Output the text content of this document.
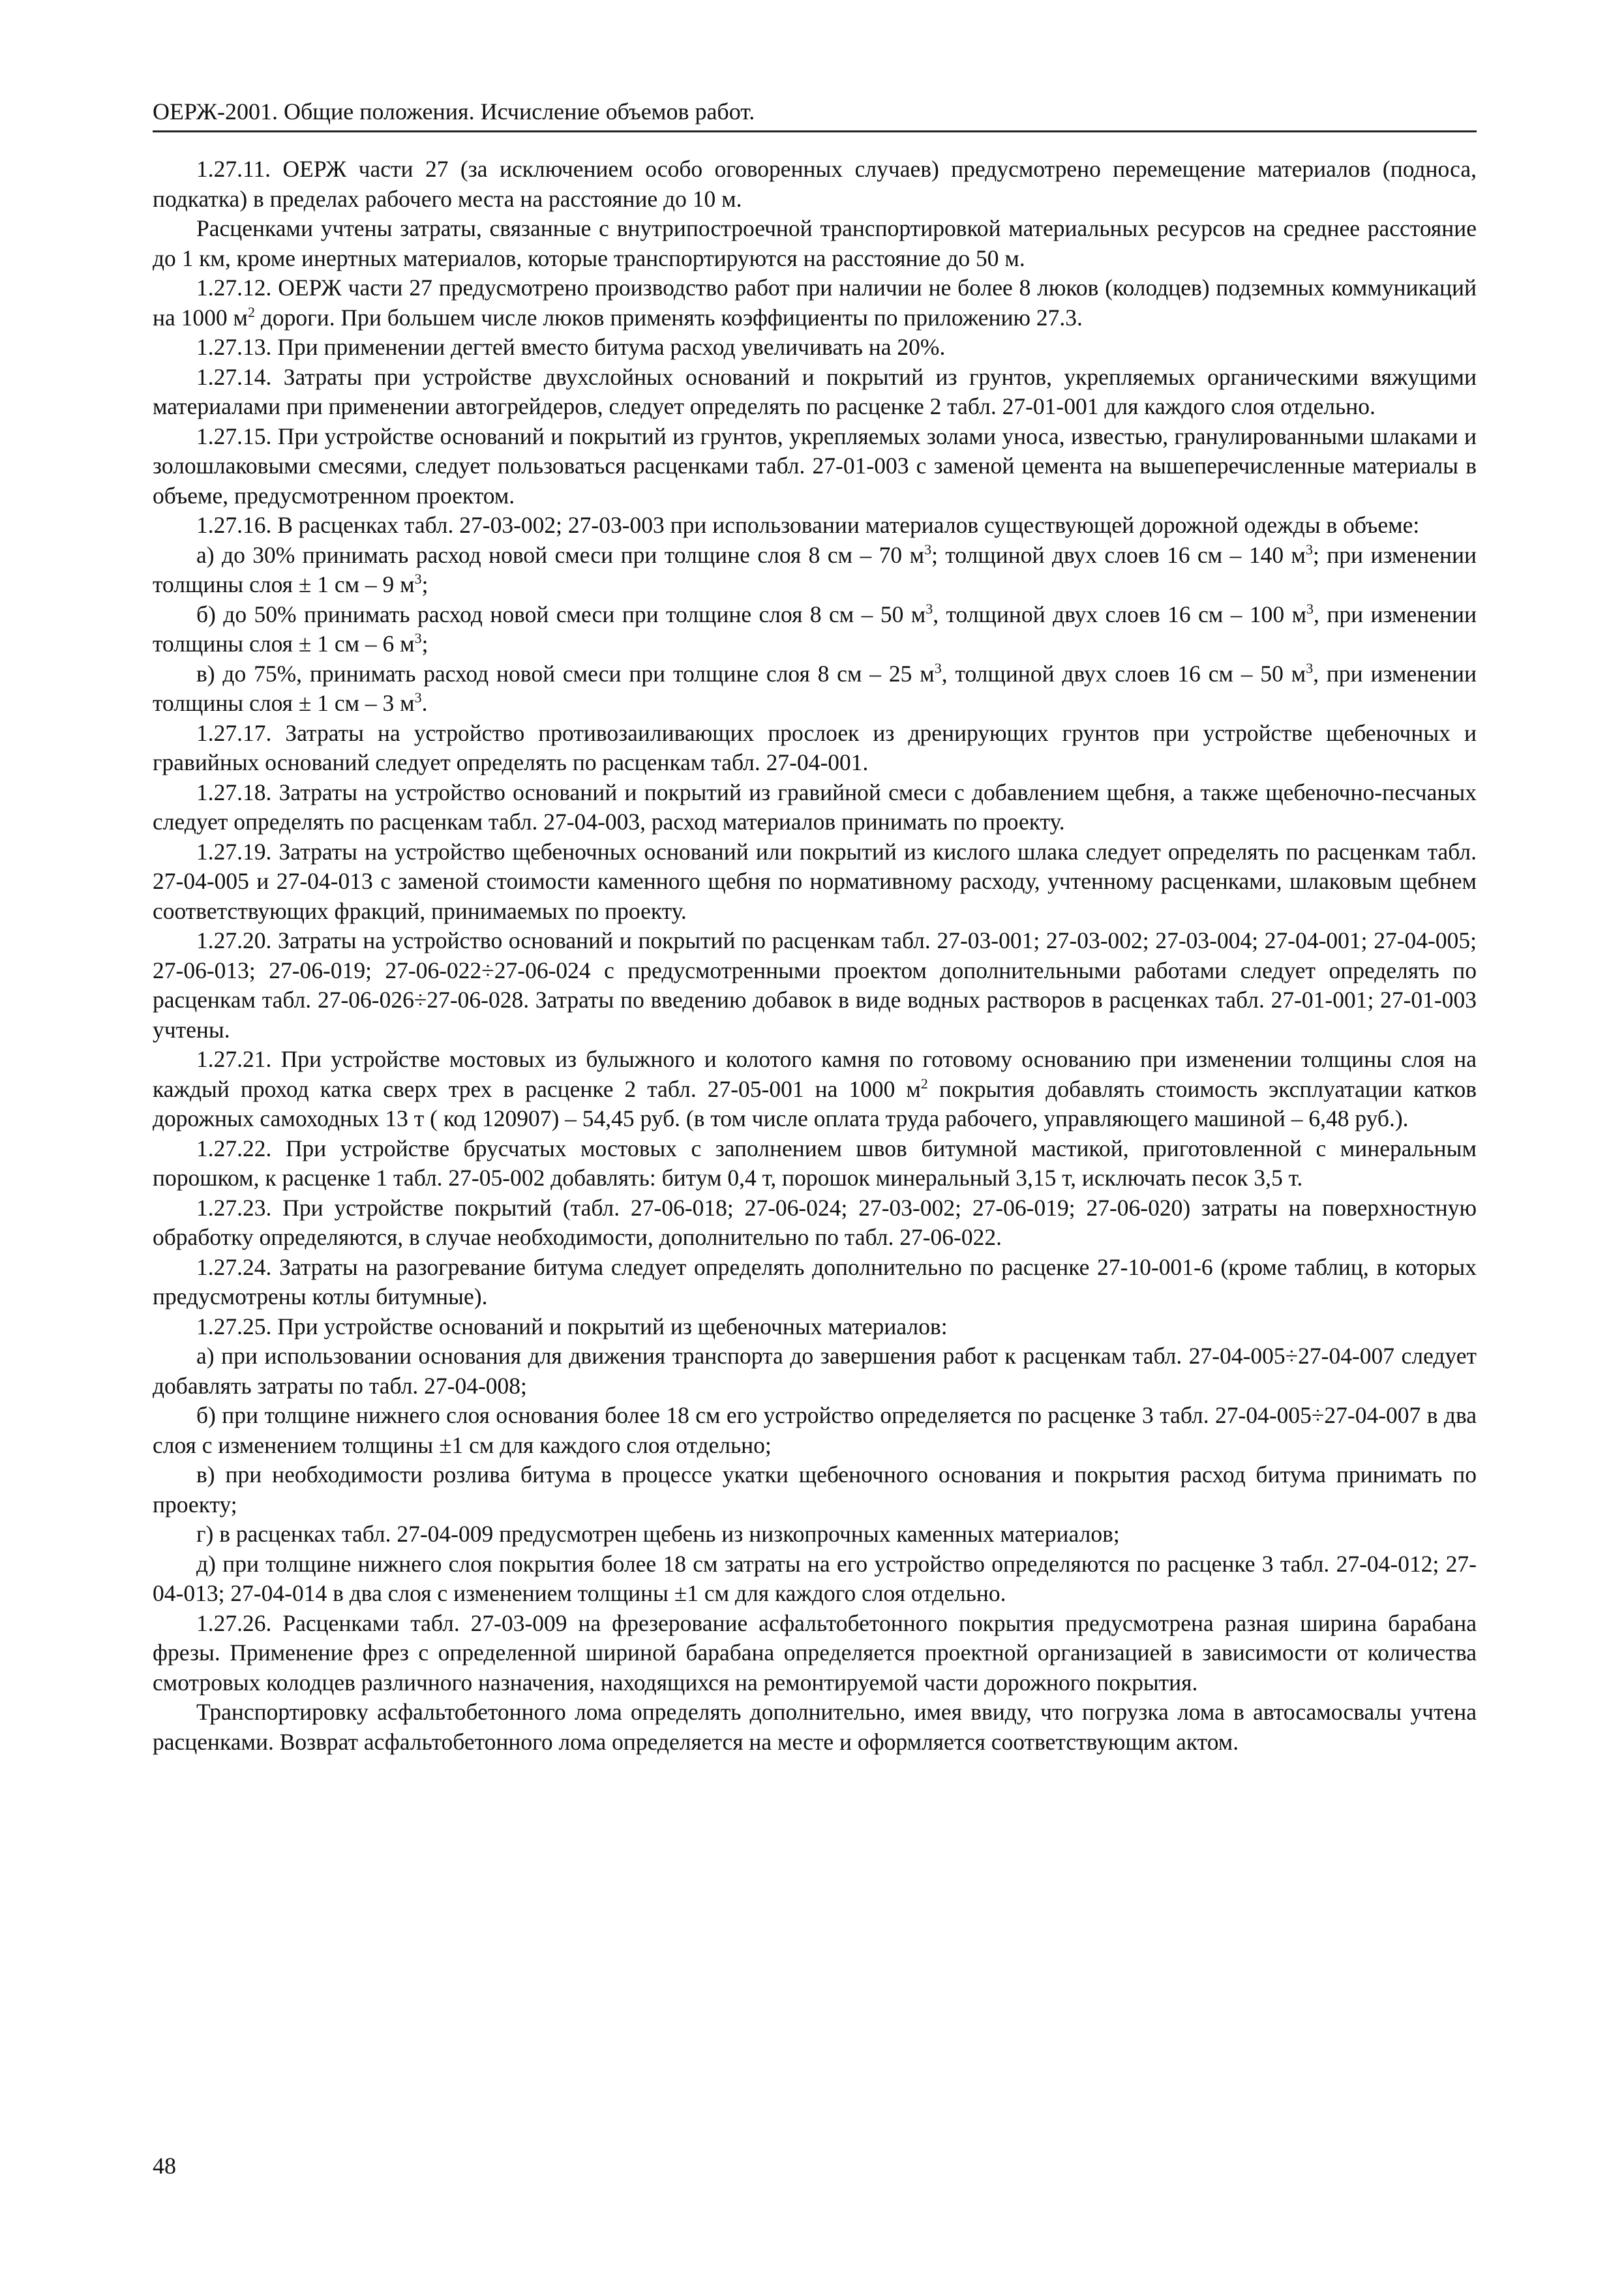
ОЕРЖ-2001. Общие положения. Исчисление объемов работ.

1.27.11. ОЕРЖ части 27 (за исключением особо оговоренных случаев) предусмотрено перемещение материалов (подноса, подкатка) в пределах рабочего места на расстояние до 10 м.

Расценками учтены затраты, связанные с внутрипостроечной транспортировкой материальных ресурсов на среднее расстояние до 1 км, кроме инертных материалов, которые транспортируются на расстояние до 50 м.

1.27.12. ОЕРЖ части 27 предусмотрено производство работ при наличии не более 8 люков (колодцев) подземных коммуникаций на 1000 $м^2$ дороги. При большем числе люков применять коэффициенты по приложению 27.3.

1.27.13. При применении дегтей вместо битума расход увеличивать на 20%.

1.27.14. Затраты при устройстве двухслойных оснований и покрытий из грунтов, укрепляемых органическими вяжущими материалами при применении автогрейдеров, следует определять по расценке 2 табл. 27-01-001 для каждого слоя отдельно.

1.27.15. При устройстве оснований и покрытий из грунтов, укрепляемых золами уноса, известью, гранулированными шлаками и золошлаковыми смесями, следует пользоваться расценками табл. 27-01-003 с заменой цемента на вышеперечисленные материалы в объеме, предусмотренном проектом.

1.27.16. В расценках табл. 27-03-002; 27-03-003 при использовании материалов существующей дорожной одежды в объеме:

а) до 30% принимать расход новой смеси при толщине слоя 8 см – 70 $м^3$; толщиной двух слоев 16 см – 140 $м^3$; при изменении толщины слоя ± 1 см – 9 $м^3$;

б) до 50% принимать расход новой смеси при толщине слоя 8 см – 50 $м^3$, толщиной двух слоев 16 см – 100 $м^3$, при изменении толщины слоя ± 1 см – 6 $м^3$;

в) до 75%, принимать расход новой смеси при толщине слоя 8 см – 25 $м^3$, толщиной двух слоев 16 см – 50 $м^3$, при изменении толщины слоя ± 1 см – 3 $м^3$.

1.27.17. Затраты на устройство противозаиливающих прослоек из дренирующих грунтов при устройстве щебеночных и гравийных оснований следует определять по расценкам табл. 27-04-001.

1.27.18. Затраты на устройство оснований и покрытий из гравийной смеси с добавлением щебня, а также щебеночно-песчаных следует определять по расценкам табл. 27-04-003, расход материалов принимать по проекту.

1.27.19. Затраты на устройство щебеночных оснований или покрытий из кислого шлака следует определять по расценкам табл. 27-04-005 и 27-04-013 с заменой стоимости каменного щебня по нормативному расходу, учтенному расценками, шлаковым щебнем соответствующих фракций, принимаемых по проекту.

1.27.20. Затраты на устройство оснований и покрытий по расценкам табл. 27-03-001; 27-03-002; 27-03-004; 27-04-001; 27-04-005; 27-06-013; 27-06-019; 27-06-022÷27-06-024 с предусмотренными проектом дополнительными работами следует определять по расценкам табл. 27-06-026÷27-06-028. Затраты по введению добавок в виде водных растворов в расценках табл. 27-01-001; 27-01-003 учтены.

1.27.21. При устройстве мостовых из булыжного и колотого камня по готовому основанию при изменении толщины слоя на каждый проход катка сверх трех в расценке 2 табл. 27-05-001 на 1000 $м^2$ покрытия добавлять стоимость эксплуатации катков дорожных самоходных 13 т ( код 120907) – 54,45 руб. (в том числе оплата труда рабочего, управляющего машиной – 6,48 руб.).

1.27.22. При устройстве брусчатых мостовых с заполнением швов битумной мастикой, приготовленной с минеральным порошком, к расценке 1 табл. 27-05-002 добавлять: битум 0,4 т, порошок минеральный 3,15 т, исключать песок 3,5 т.

1.27.23. При устройстве покрытий (табл. 27-06-018; 27-06-024; 27-03-002; 27-06-019; 27-06-020) затраты на поверхностную обработку определяются, в случае необходимости, дополнительно по табл. 27-06-022.

1.27.24. Затраты на разогревание битума следует определять дополнительно по расценке 27-10-001-6 (кроме таблиц, в которых предусмотрены котлы битумные).

1.27.25. При устройстве оснований и покрытий из щебеночных материалов:

а) при использовании основания для движения транспорта до завершения работ к расценкам табл. 27-04-005÷27-04-007 следует добавлять затраты по табл. 27-04-008;

б) при толщине нижнего слоя основания более 18 см его устройство определяется по расценке 3 табл. 27-04-005÷27-04-007 в два слоя с изменением толщины ±1 см для каждого слоя отдельно;

в) при необходимости розлива битума в процессе укатки щебеночного основания и покрытия расход битума принимать по проекту;

г) в расценках табл. 27-04-009 предусмотрен щебень из низкопрочных каменных материалов;

д) при толщине нижнего слоя покрытия более 18 см затраты на его устройство определяются по расценке 3 табл. 27-04-012; 27-04-013; 27-04-014 в два слоя с изменением толщины ±1 см для каждого слоя отдельно.

1.27.26. Расценками табл. 27-03-009 на фрезерование асфальтобетонного покрытия предусмотрена разная ширина барабана фрезы. Применение фрез с определенной шириной барабана определяется проектной организацией в зависимости от количества смотровых колодцев различного назначения, находящихся на ремонтируемой части дорожного покрытия.

Транспортировку асфальтобетонного лома определять дополнительно, имея ввиду, что погрузка лома в автосамосвалы учтена расценками. Возврат асфальтобетонного лома определяется на месте и оформляется соответствующим актом.

48
